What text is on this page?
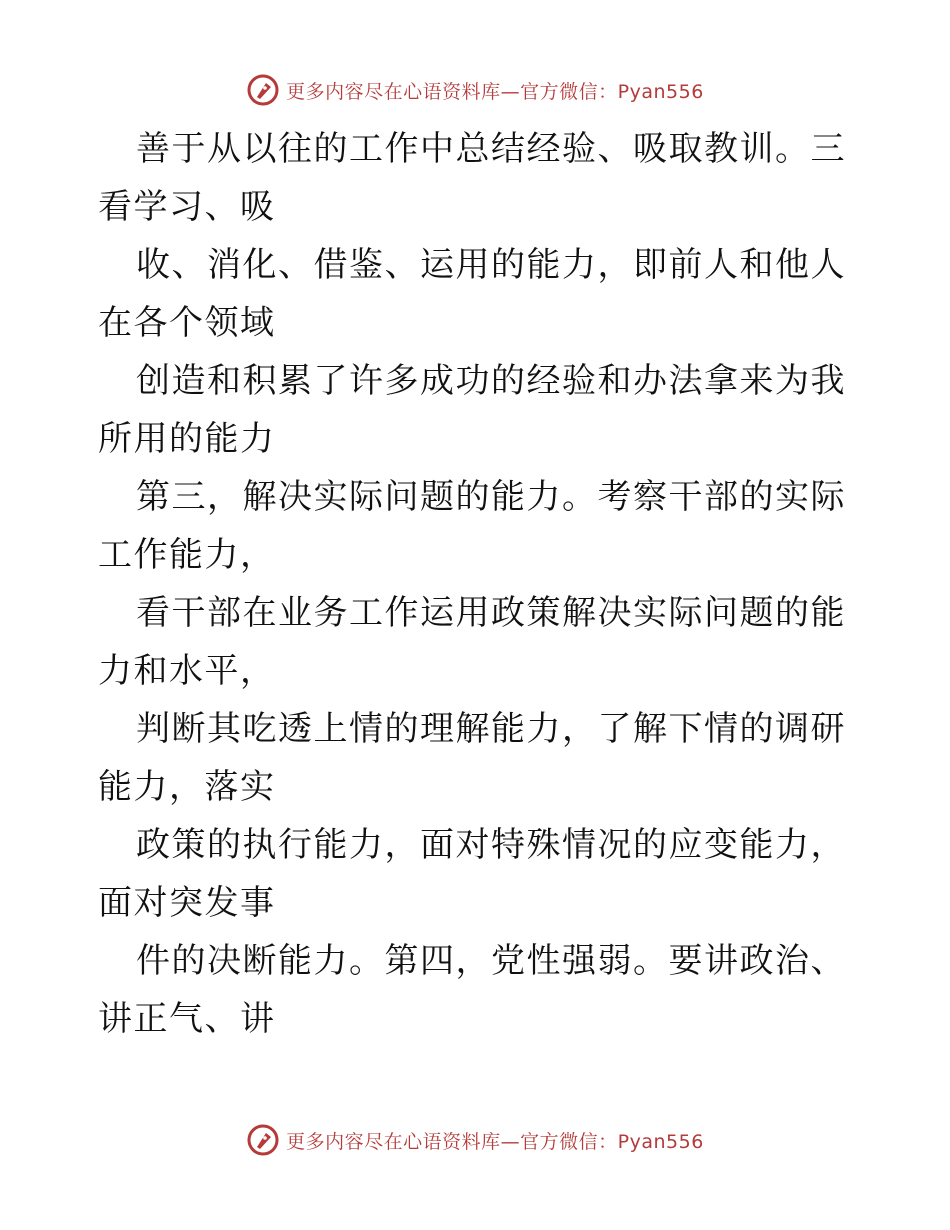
更多内容尽在心语资料库—官方微信：Pyan556

善于从以往的工作中总结经验、吸取教训。三看学习、吸

收、消化、借鉴、运用的能力，即前人和他人在各个领域

创造和积累了许多成功的经验和办法拿来为我所用的能力

第三，解决实际问题的能力。考察干部的实际工作能力，

看干部在业务工作运用政策解决实际问题的能力和水平，

判断其吃透上情的理解能力，了解下情的调研能力，落实

政策的执行能力，面对特殊情况的应变能力，面对突发事

件的决断能力。第四，党性强弱。要讲政治、讲正气、讲

更多内容尽在心语资料库—官方微信：Pyan556
